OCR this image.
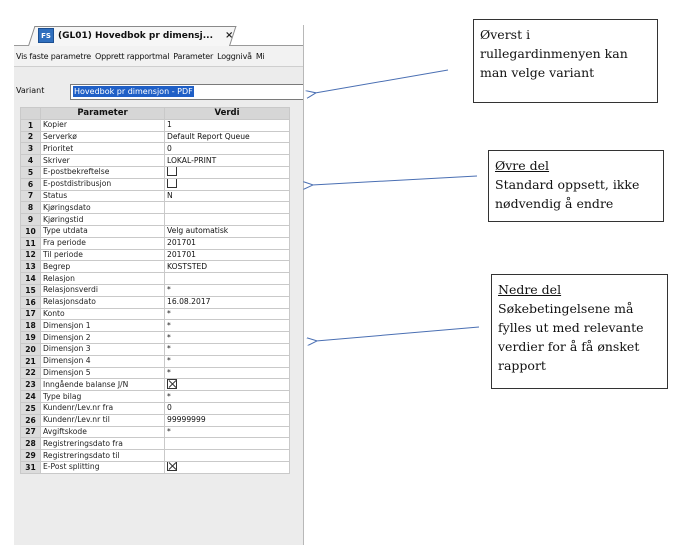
FS (GL01) Hovedbok pr dimensj... ×
Vis faste parametre Opprett rapportmal Parameter Loggnivå Mi
Variant	Hovedbok pr dimensjon - PDF
	Parameter	Verdi
1	Kopier	1
2	Serverkø	Default Report Queue
3	Prioritet	0
4	Skriver	LOKAL-PRINT
5	E-postbekreftelse	
6	E-postdistribusjon	
7	Status	N
8	Kjøringsdato	
9	Kjøringstid	
10	Type utdata	Velg automatisk
11	Fra periode	201701
12	Til periode	201701
13	Begrep	KOSTSTED
14	Relasjon	
15	Relasjonsverdi	*
16	Relasjonsdato	16.08.2017
17	Konto	*
18	Dimensjon 1	*
19	Dimensjon 2	*
20	Dimensjon 3	*
21	Dimensjon 4	*
22	Dimensjon 5	*
23	Inngående balanse J/N	
24	Type bilag	*
25	Kundenr/Lev.nr fra	0
26	Kundenr/Lev.nr til	99999999
27	Avgiftskode	*
28	Registreringsdato fra	
29	Registreringsdato til	
31	E-Post splitting	
Øverst i
rullegardinmenyen kan
man velge variant
Øvre del
Standard oppsett, ikke
nødvendig å endre
Nedre del
Søkebetingelsene må
fylles ut med relevante
verdier for å få ønsket
rapport
